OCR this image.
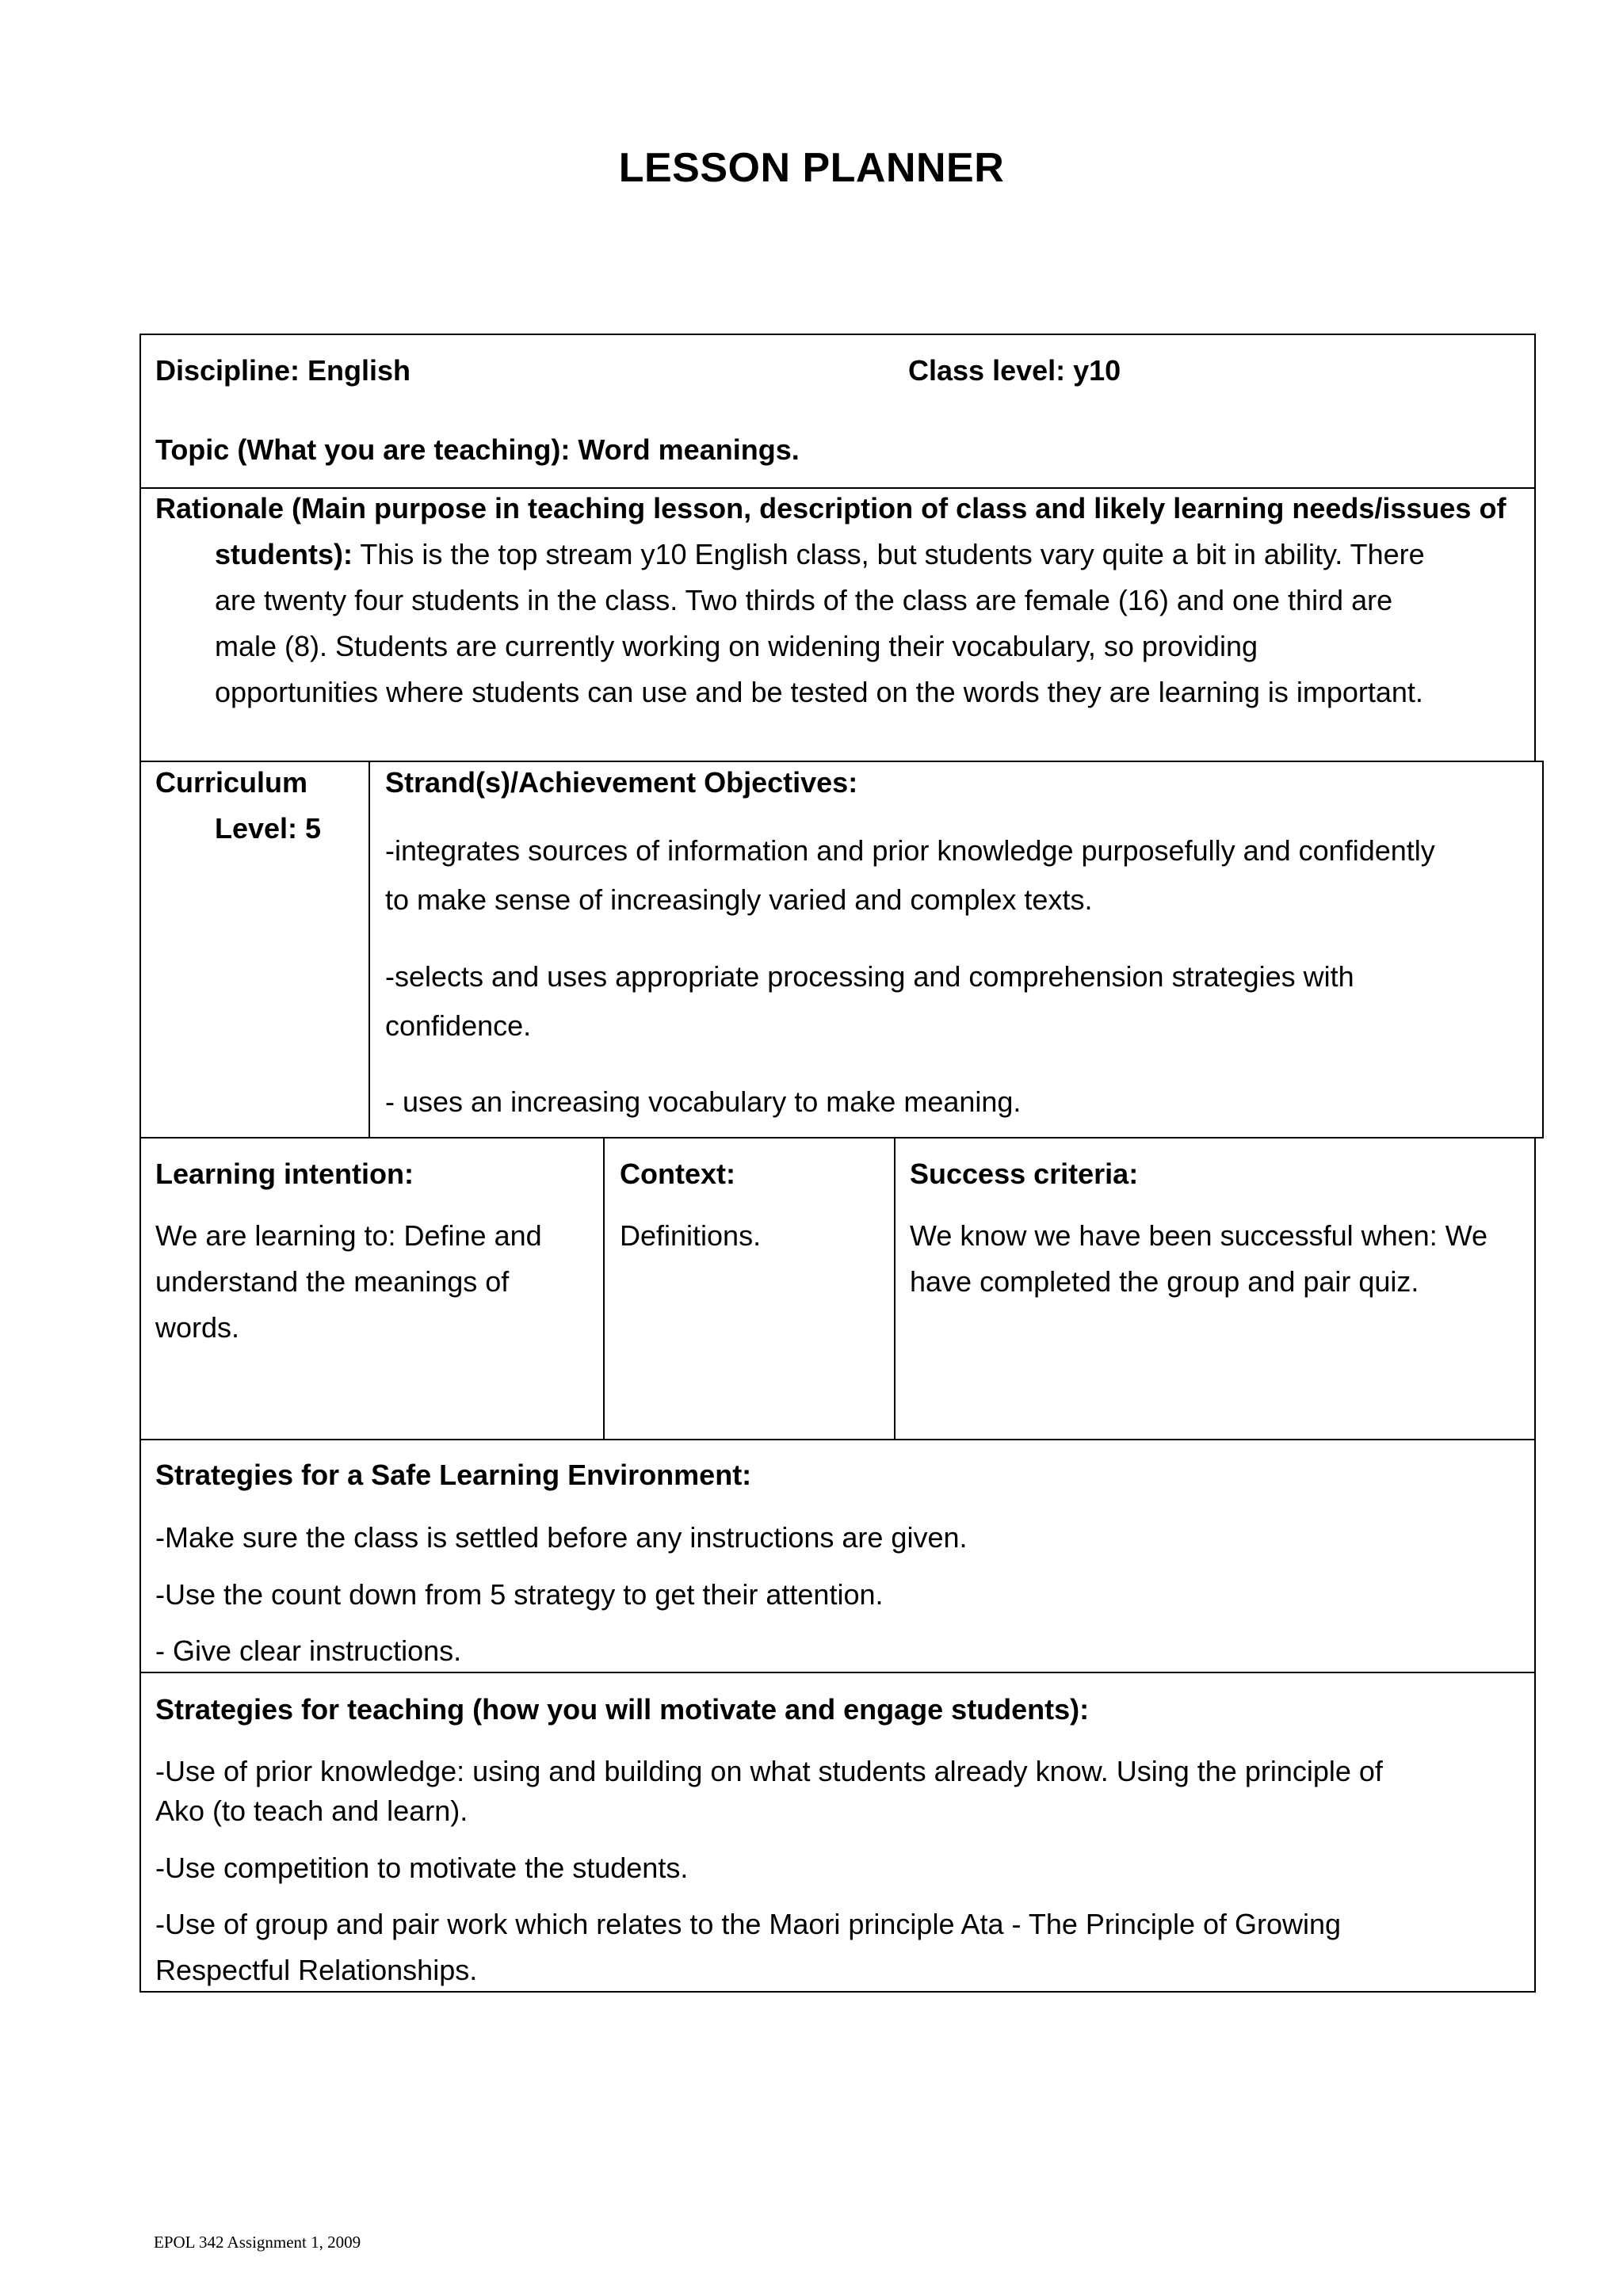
LESSON PLANNER
Discipline: English	Class level: y10
Topic (What you are teaching): Word meanings.
Rationale (Main purpose in teaching lesson, description of class and likely learning needs/issues of
students): This is the top stream y10 English class, but students vary quite a bit in ability. There
are twenty four students in the class. Two thirds of the class are female (16) and one third are
male (8). Students are currently working on widening their vocabulary, so providing
opportunities where students can use and be tested on the words they are learning is important.
Curriculum
Level: 5
Strand(s)/Achievement Objectives:
-integrates sources of information and prior knowledge purposefully and confidently
to make sense of increasingly varied and complex texts.
-selects and uses appropriate processing and comprehension strategies with
confidence.
- uses an increasing vocabulary to make meaning.
Learning intention:
We are learning to: Define and
understand the meanings of
words.
Context:
Definitions.
Success criteria:
We know we have been successful when: We
have completed the group and pair quiz.
Strategies for a Safe Learning Environment:
-Make sure the class is settled before any instructions are given.
-Use the count down from 5 strategy to get their attention.
- Give clear instructions.
Strategies for teaching (how you will motivate and engage students):
-Use of prior knowledge: using and building on what students already know. Using the principle of
Ako (to teach and learn).
-Use competition to motivate the students.
-Use of group and pair work which relates to the Maori principle Ata - The Principle of Growing
Respectful Relationships.
EPOL 342 Assignment 1, 2009
